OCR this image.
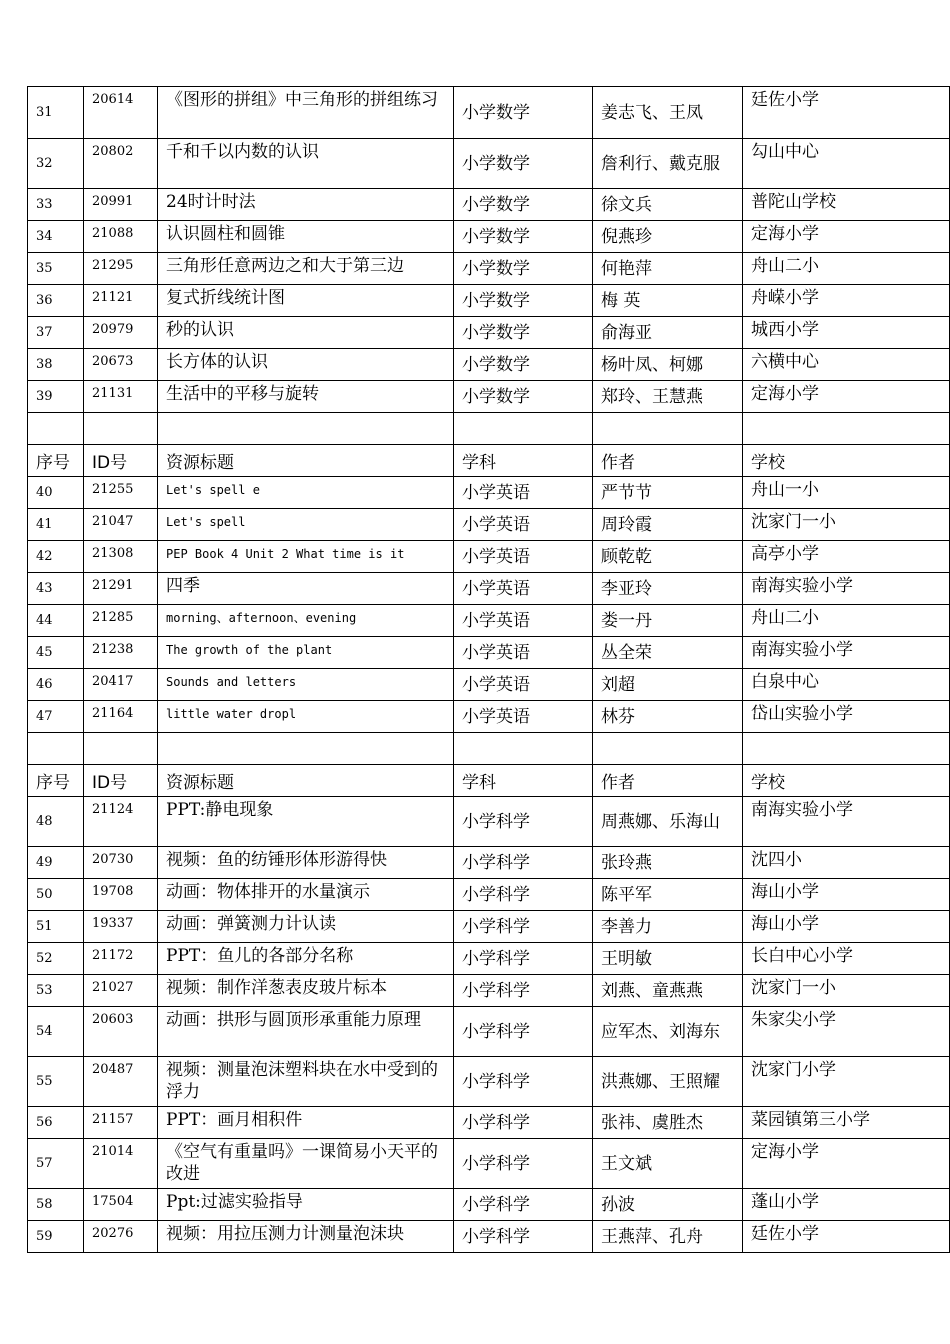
31	20614	《图形的拼组》中三角形的拼组练习	小学数学	姜志飞、王凤	廷佐小学
32	20802	千和千以内数的认识	小学数学	詹利行、戴克服	勾山中心
33	20991	24时计时法	小学数学	徐文兵	普陀山学校
34	21088	认识圆柱和圆锥	小学数学	倪燕珍	定海小学
35	21295	三角形任意两边之和大于第三边	小学数学	何艳萍	舟山二小
36	21121	复式折线统计图	小学数学	梅 英	舟嵘小学
37	20979	秒的认识	小学数学	俞海亚	城西小学
38	20673	长方体的认识	小学数学	杨叶凤、柯娜	六横中心
39	21131	生活中的平移与旋转	小学数学	郑玲、王慧燕	定海小学

序号	ID号	资源标题	学科	作者	学校
40	21255	Let's spell e	小学英语	严节节	舟山一小
41	21047	Let's spell	小学英语	周玲霞	沈家门一小
42	21308	PEP Book 4 Unit 2 What time is it	小学英语	顾乾乾	高亭小学
43	21291	四季	小学英语	李亚玲	南海实验小学
44	21285	morning、afternoon、evening	小学英语	娄一丹	舟山二小
45	21238	The growth of the plant	小学英语	丛全荣	南海实验小学
46	20417	Sounds and letters	小学英语	刘超	白泉中心
47	21164	little water dropl	小学英语	林芬	岱山实验小学

序号	ID号	资源标题	学科	作者	学校
48	21124	PPT:静电现象	小学科学	周燕娜、乐海山	南海实验小学
49	20730	视频：鱼的纺锤形体形游得快	小学科学	张玲燕	沈四小
50	19708	动画：物体排开的水量演示	小学科学	陈平军	海山小学
51	19337	动画：弹簧测力计认读	小学科学	李善力	海山小学
52	21172	PPT：鱼儿的各部分名称	小学科学	王明敏	长白中心小学
53	21027	视频：制作洋葱表皮玻片标本	小学科学	刘燕、童燕燕	沈家门一小
54	20603	动画：拱形与圆顶形承重能力原理	小学科学	应军杰、刘海东	朱家尖小学
55	20487	视频：测量泡沫塑料块在水中受到的浮力	小学科学	洪燕娜、王照耀	沈家门小学
56	21157	PPT：画月相积件	小学科学	张祎、虞胜杰	菜园镇第三小学
57	21014	《空气有重量吗》一课简易小天平的改进	小学科学	王文斌	定海小学
58	17504	Ppt:过滤实验指导	小学科学	孙波	蓬山小学
59	20276	视频：用拉压测力计测量泡沫块	小学科学	王燕萍、孔舟	廷佐小学
